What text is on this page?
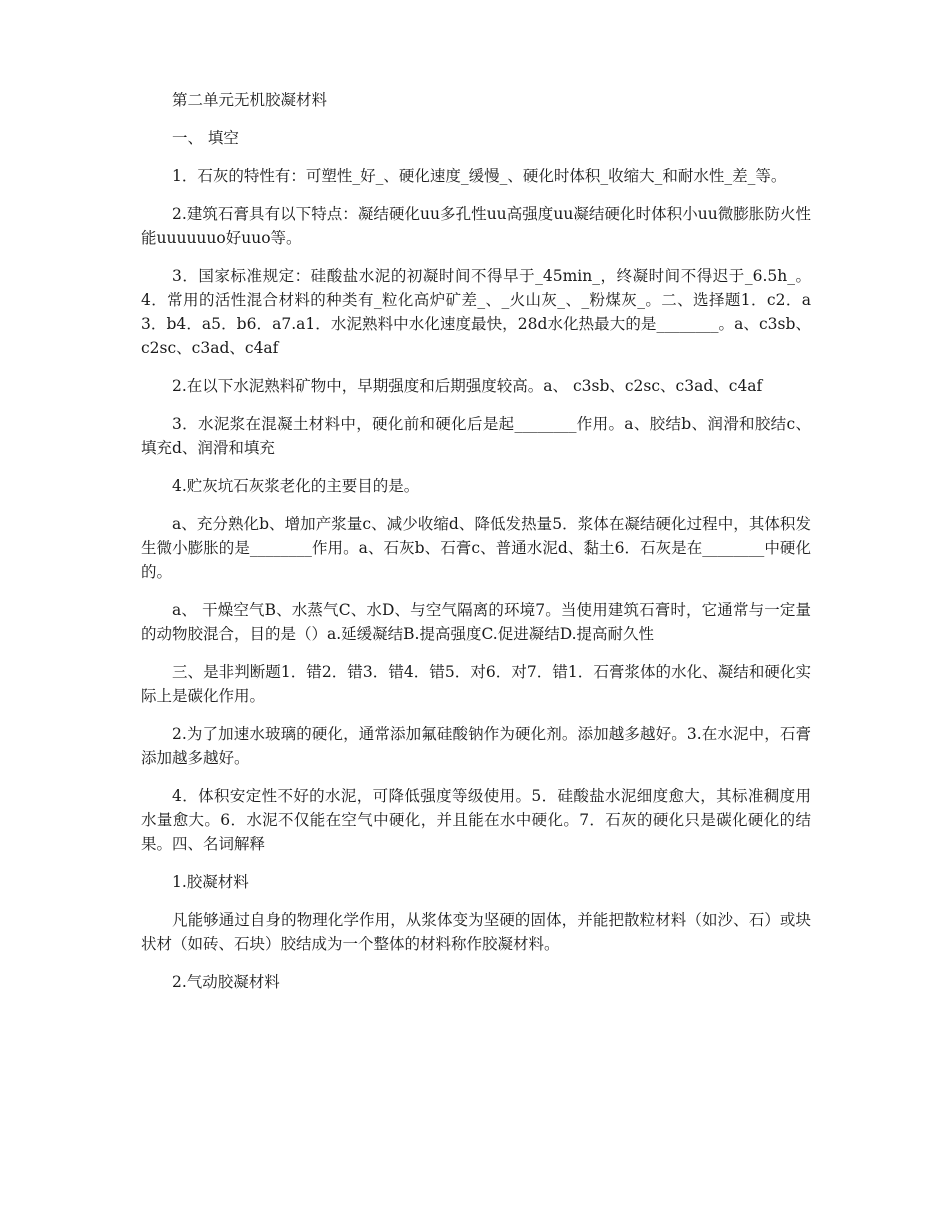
第二单元无机胶凝材料

一、 填空

1．石灰的特性有：可塑性_好_、硬化速度_缓慢_、硬化时体积_收缩大_和耐水性_差_等。

2.建筑石膏具有以下特点：凝结硬化uu多孔性uu高强度uu凝结硬化时体积小uu微膨胀防火性能uuuuuuo好uuo等。

3．国家标准规定：硅酸盐水泥的初凝时间不得早于_45min_，终凝时间不得迟于_6.5h_。4．常用的活性混合材料的种类有_粒化高炉矿差_、_火山灰_、_粉煤灰_。二、选择题1．c2．a3．b4．a5．b6．a7.a1．水泥熟料中水化速度最快，28d水化热最大的是________。a、c3sb、c2sc、c3ad、c4af

2.在以下水泥熟料矿物中，早期强度和后期强度较高。a、 c3sb、c2sc、c3ad、c4af

3．水泥浆在混凝土材料中，硬化前和硬化后是起________作用。a、胶结b、润滑和胶结c、填充d、润滑和填充

4.贮灰坑石灰浆老化的主要目的是。

a、充分熟化b、增加产浆量c、减少收缩d、降低发热量5．浆体在凝结硬化过程中，其体积发生微小膨胀的是________作用。a、石灰b、石膏c、普通水泥d、黏土6．石灰是在________中硬化的。

a、 干燥空气B、水蒸气C、水D、与空气隔离的环境7。当使用建筑石膏时，它通常与一定量的动物胶混合，目的是（）a.延缓凝结B.提高强度C.促进凝结D.提高耐久性

三、是非判断题1．错2．错3．错4．错5．对6．对7．错1．石膏浆体的水化、凝结和硬化实际上是碳化作用。

2.为了加速水玻璃的硬化，通常添加氟硅酸钠作为硬化剂。添加越多越好。3.在水泥中，石膏添加越多越好。

4．体积安定性不好的水泥，可降低强度等级使用。5．硅酸盐水泥细度愈大，其标准稠度用水量愈大。6．水泥不仅能在空气中硬化，并且能在水中硬化。7．石灰的硬化只是碳化硬化的结果。四、名词解释

1.胶凝材料

凡能够通过自身的物理化学作用，从浆体变为坚硬的固体，并能把散粒材料（如沙、石）或块状材（如砖、石块）胶结成为一个整体的材料称作胶凝材料。

2.气动胶凝材料
